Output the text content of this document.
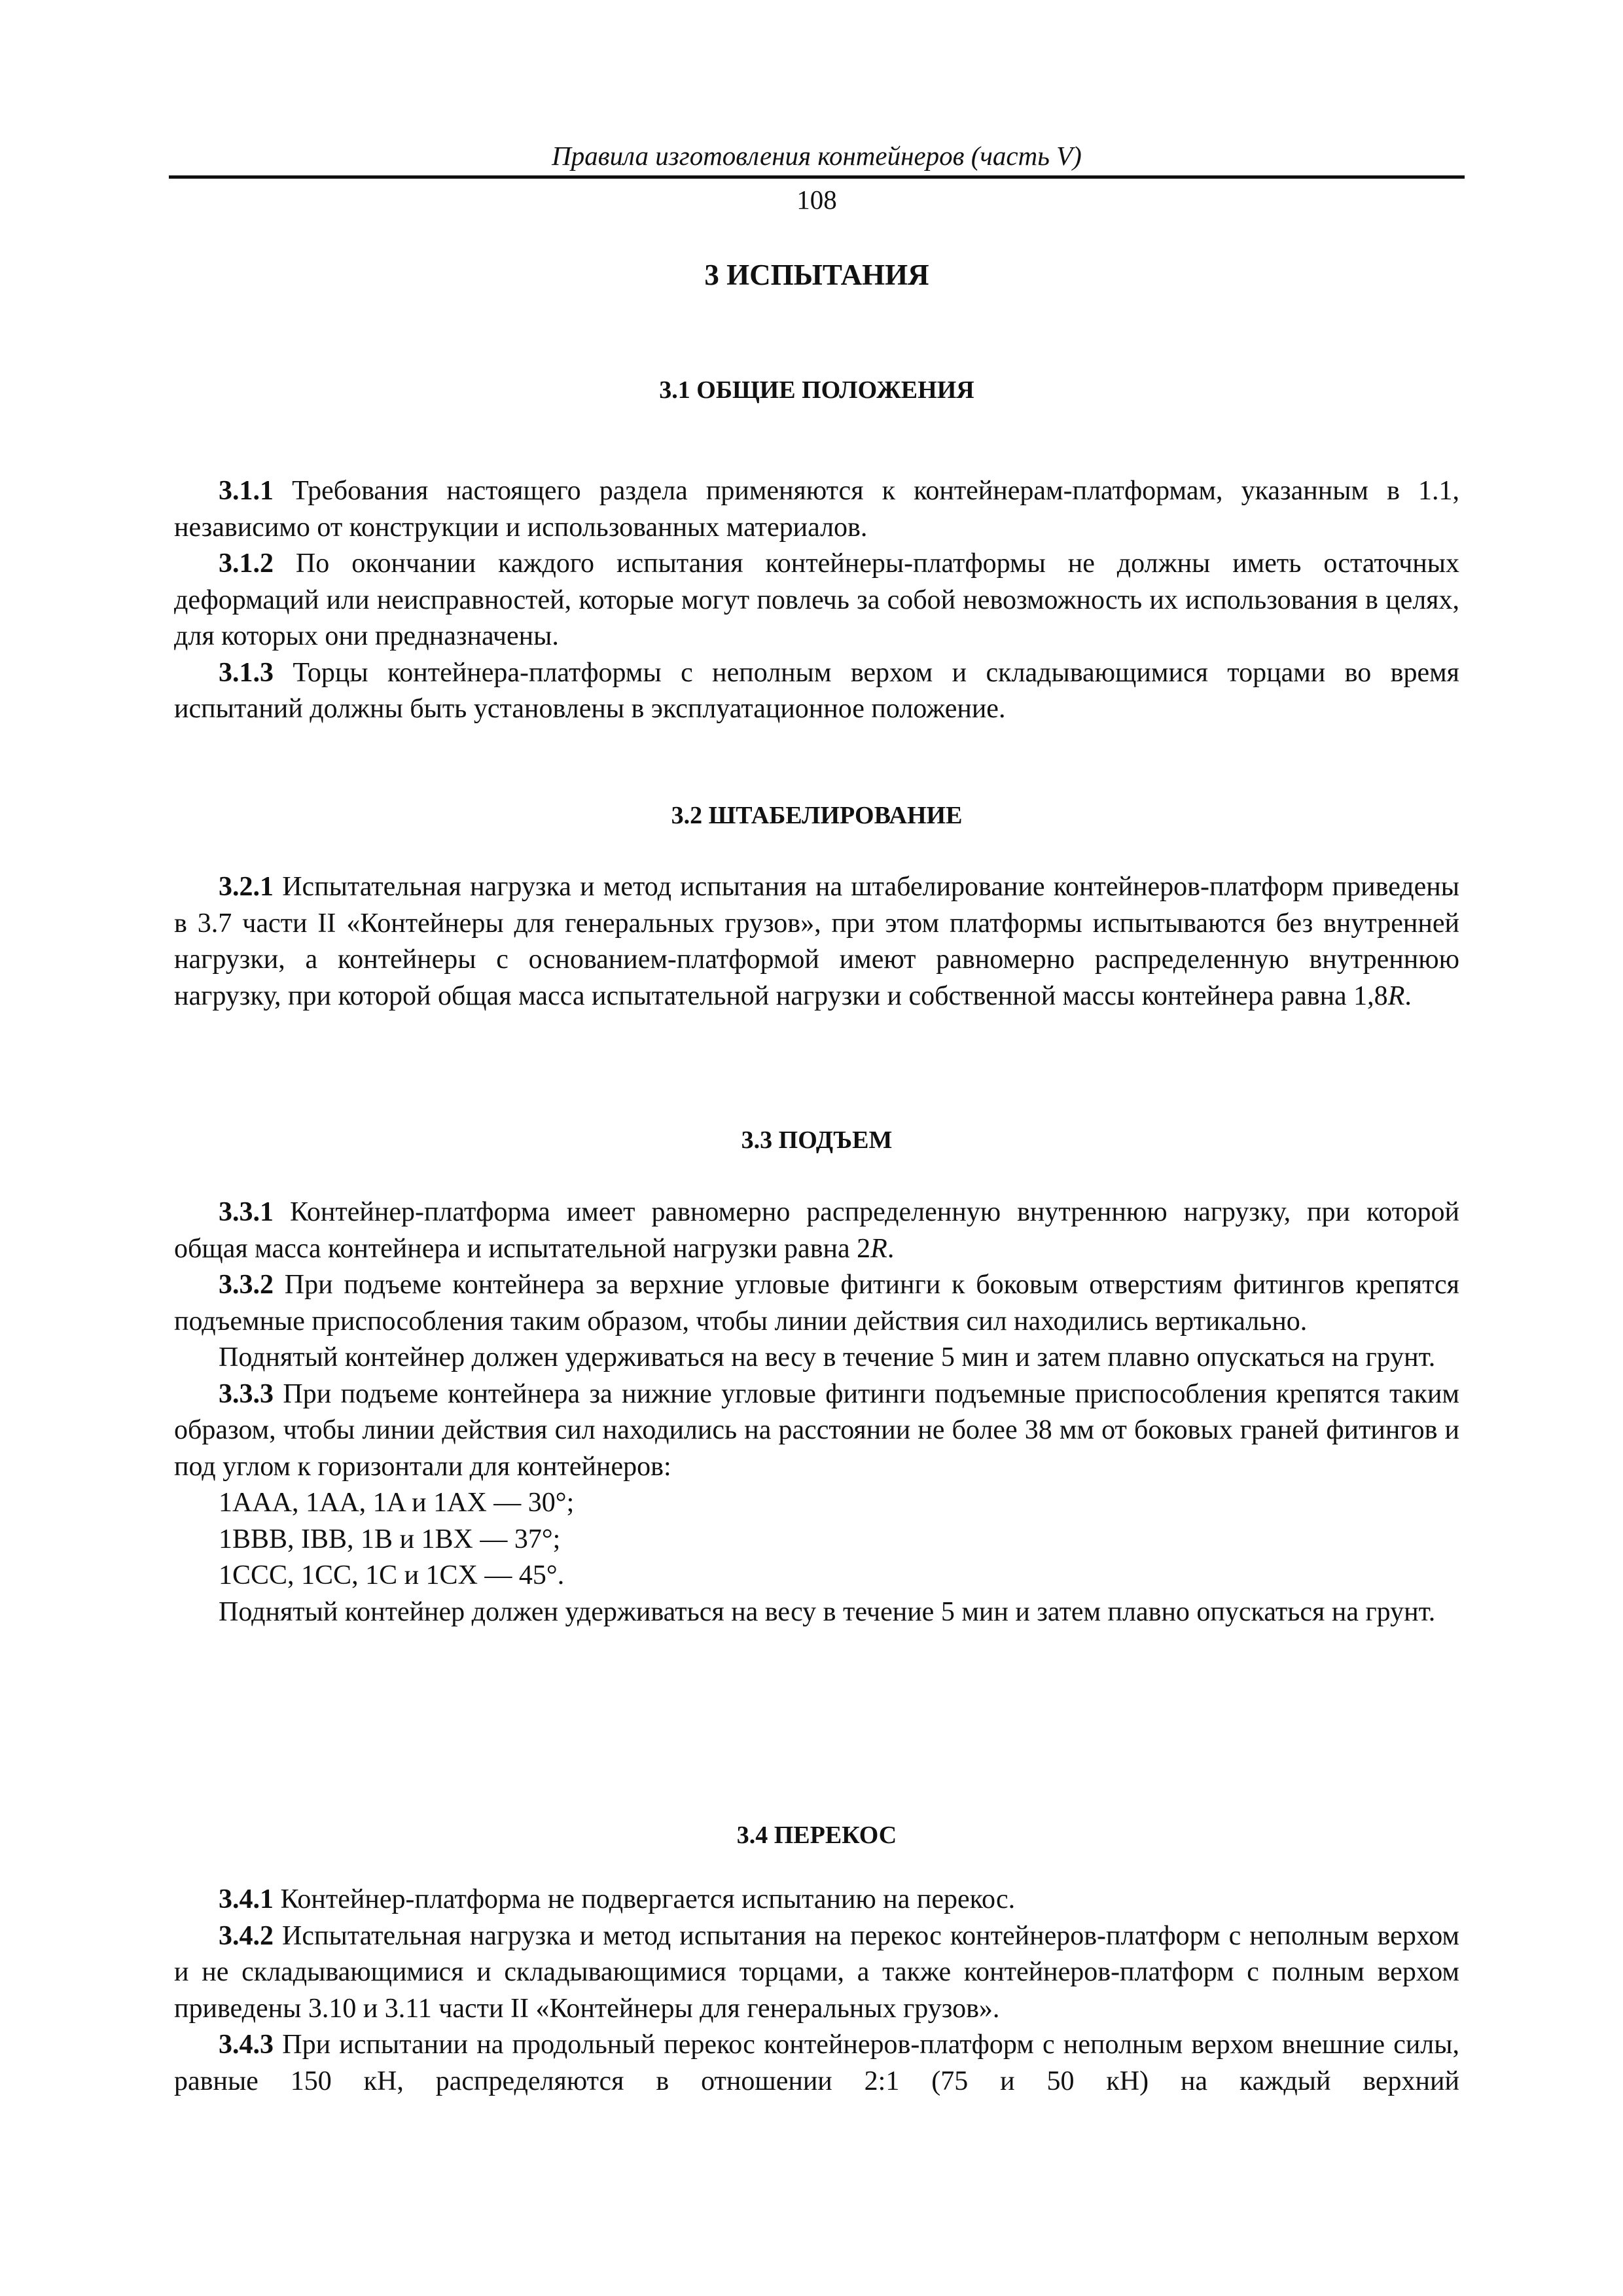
Правила изготовления контейнеров (часть V)
108
3 ИСПЫТАНИЯ
3.1 ОБЩИЕ ПОЛОЖЕНИЯ

3.1.1 Требования настоящего раздела применяются к контейнерам-платформам, указанным в 1.1, независимо от конструкции и использованных материалов.

3.1.2 По окончании каждого испытания контейнеры-платформы не должны иметь остаточных деформаций или неисправностей, которые могут повлечь за собой невозможность их использования в целях, для которых они предназначены.

3.1.3 Торцы контейнера-платформы с неполным верхом и складывающимися торцами во время испытаний должны быть установлены в эксплуатационное положение.

3.2 ШТАБЕЛИРОВАНИЕ

3.2.1 Испытательная нагрузка и метод испытания на штабелирование контейнеров-платформ приведены в 3.7 части II «Контейнеры для генеральных грузов», при этом платформы испытываются без внутренней нагрузки, а контейнеры с основанием-платформой имеют равномерно распределенную внутреннюю нагрузку, при которой общая масса испытательной нагрузки и собственной массы контейнера равна 1,8R.

3.3 ПОДЪЕМ

3.3.1 Контейнер-платформа имеет равномерно распределенную внутреннюю нагрузку, при которой общая масса контейнера и испытательной нагрузки равна 2R.

3.3.2 При подъеме контейнера за верхние угловые фитинги к боковым отверстиям фитингов крепятся подъемные приспособления таким образом, чтобы линии действия сил находились вертикально.

Поднятый контейнер должен удерживаться на весу в течение 5 мин и затем плавно опускаться на грунт.

3.3.3 При подъеме контейнера за нижние угловые фитинги подъемные приспособления крепятся таким образом, чтобы линии действия сил находились на расстоянии не более 38 мм от боковых граней фитингов и под углом к горизонтали для контейнеров:

1AAA, 1AA, 1A и 1AX — 30°;

1BBB, IBB, 1B и 1BX — 37°;

1CCC, 1CC, 1C и 1CX — 45°.

Поднятый контейнер должен удерживаться на весу в течение 5 мин и затем плавно опускаться на грунт.

3.4 ПЕРЕКОС

3.4.1 Контейнер-платформа не подвергается испытанию на перекос.

3.4.2 Испытательная нагрузка и метод испытания на перекос контейнеров-платформ с неполным верхом и не складывающимися и складывающимися торцами, а также контейнеров-платформ с полным верхом приведены 3.10 и 3.11 части II «Контейнеры для генеральных грузов».

3.4.3 При испытании на продольный перекос контейнеров-платформ с неполным верхом внешние силы, равные 150 кН, распределяются в отношении 2:1 (75 и 50 кН) на каждый верхний
